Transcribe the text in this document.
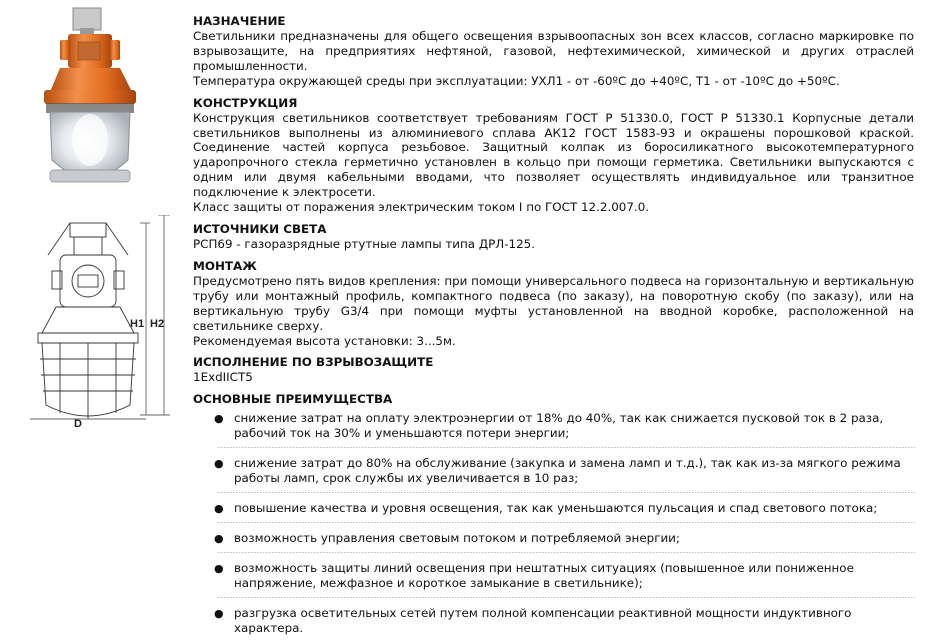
H1 H2
D
НАЗНАЧЕНИЕ

Светильники предназначены для общего освещения взрывоопасных зон всех классов, согласно маркировке по взрывозащите, на предприятиях нефтяной, газовой, нефтехимической, химической и других отраслей промышленности.

Температура окружающей среды при эксплуатации: УХЛ1 - от -60ºС до +40ºС, Т1 - от -10ºС до +50ºС.

КОНСТРУКЦИЯ

Конструкция светильников соответствует требованиям ГОСТ Р 51330.0, ГОСТ Р 51330.1 Корпусные детали светильников выполнены из алюминиевого сплава АК12 ГОСТ 1583-93 и окрашены порошковой краской. Соединение частей корпуса резьбовое. Защитный колпак из боросиликатного высокотемпературного ударопрочного стекла герметично установлен в кольцо при помощи герметика. Светильники выпускаются с одним или двумя кабельными вводами, что позволяет осуществлять индивидуальное или транзитное подключение к электросети.

Класс защиты от поражения электрическим током I по ГОСТ 12.2.007.0.

ИСТОЧНИКИ СВЕТА

РСП69 - газоразрядные ртутные лампы типа ДРЛ-125.

МОНТАЖ

Предусмотрено пять видов крепления: при помощи универсального подвеса на горизонтальную и вертикальную трубу или монтажный профиль, компактного подвеса (по заказу), на поворотную скобу (по заказу), или на вертикальную трубу G3/4 при помощи муфты установленной на вводной коробке, расположенной на светильнике сверху.

Рекомендуемая высота установки: 3...5м.

ИСПОЛНЕНИЕ ПО ВЗРЫВОЗАЩИТЕ

1ExdIICT5

ОСНОВНЫЕ ПРЕИМУЩЕСТВА
● снижение затрат на оплату электроэнергии от 18% до 40%, так как снижается пусковой ток в 2 раза, рабочий ток на 30% и уменьшаются потери энергии;
● снижение затрат до 80% на обслуживание (закупка и замена ламп и т.д.), так как из-за мягкого режима работы ламп, срок службы их увеличивается в 10 раз;
● повышение качества и уровня освещения, так как уменьшаются пульсация и спад светового потока;
● возможность управления световым потоком и потребляемой энергии;
● возможность защиты линий освещения при нештатных ситуациях (повышенное или пониженное напряжение, межфазное и короткое замыкание в светильнике);
● разгрузка осветительных сетей путем полной компенсации реактивной мощности индуктивного характера.
